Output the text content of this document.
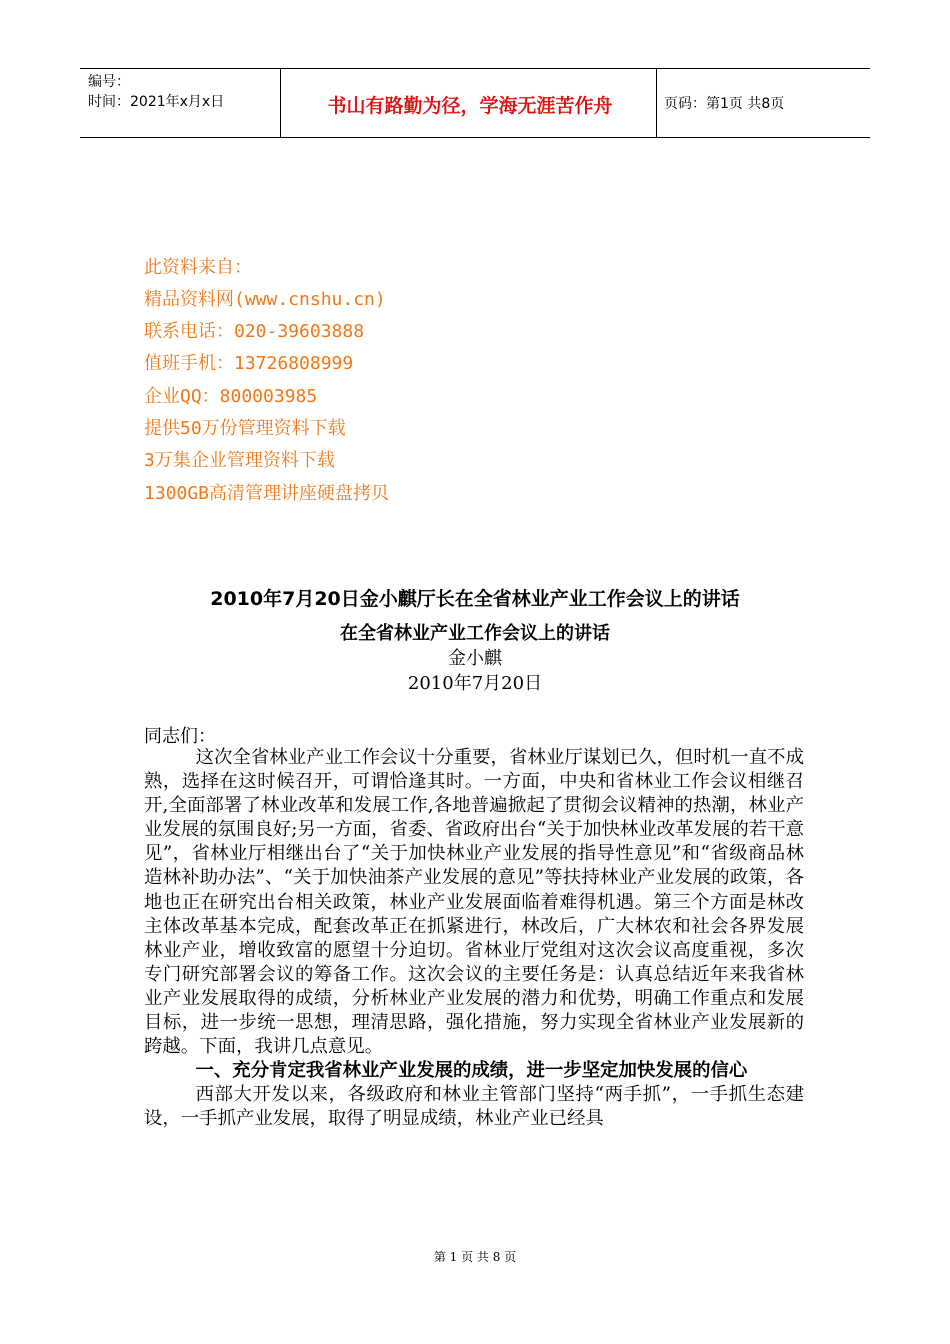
编号：
时间：2021年x月x日	书山有路勤为径，学海无涯苦作舟	页码：第1页 共8页
此资料来自：
精品资料网(www.cnshu.cn)
联系电话：020-39603888
值班手机：13726808999
企业QQ：800003985
提供50万份管理资料下载
3万集企业管理资料下载
1300GB高清管理讲座硬盘拷贝
2010年7月20日金小麒厅长在全省林业产业工作会议上的讲话
在全省林业产业工作会议上的讲话
金小麒
2010年7月20日
同志们：

这次全省林业产业工作会议十分重要，省林业厅谋划已久，但时机一直不成熟，选择在这时候召开，可谓恰逢其时。一方面，中央和省林业工作会议相继召开,全面部署了林业改革和发展工作,各地普遍掀起了贯彻会议精神的热潮，林业产业发展的氛围良好;另一方面，省委、省政府出台“关于加快林业改革发展的若干意见”，省林业厅相继出台了“关于加快林业产业发展的指导性意见”和“省级商品林造林补助办法”、“关于加快油茶产业发展的意见”等扶持林业产业发展的政策，各地也正在研究出台相关政策，林业产业发展面临着难得机遇。第三个方面是林改主体改革基本完成，配套改革正在抓紧进行，林改后，广大林农和社会各界发展林业产业，增收致富的愿望十分迫切。省林业厅党组对这次会议高度重视，多次专门研究部署会议的筹备工作。这次会议的主要任务是：认真总结近年来我省林业产业发展取得的成绩，分析林业产业发展的潜力和优势，明确工作重点和发展目标，进一步统一思想，理清思路，强化措施，努力实现全省林业产业发展新的跨越。下面，我讲几点意见。

一、充分肯定我省林业产业发展的成绩，进一步坚定加快发展的信心

西部大开发以来，各级政府和林业主管部门坚持“两手抓”，一手抓生态建设，一手抓产业发展，取得了明显成绩，林业产业已经具

第 1 页 共 8 页
